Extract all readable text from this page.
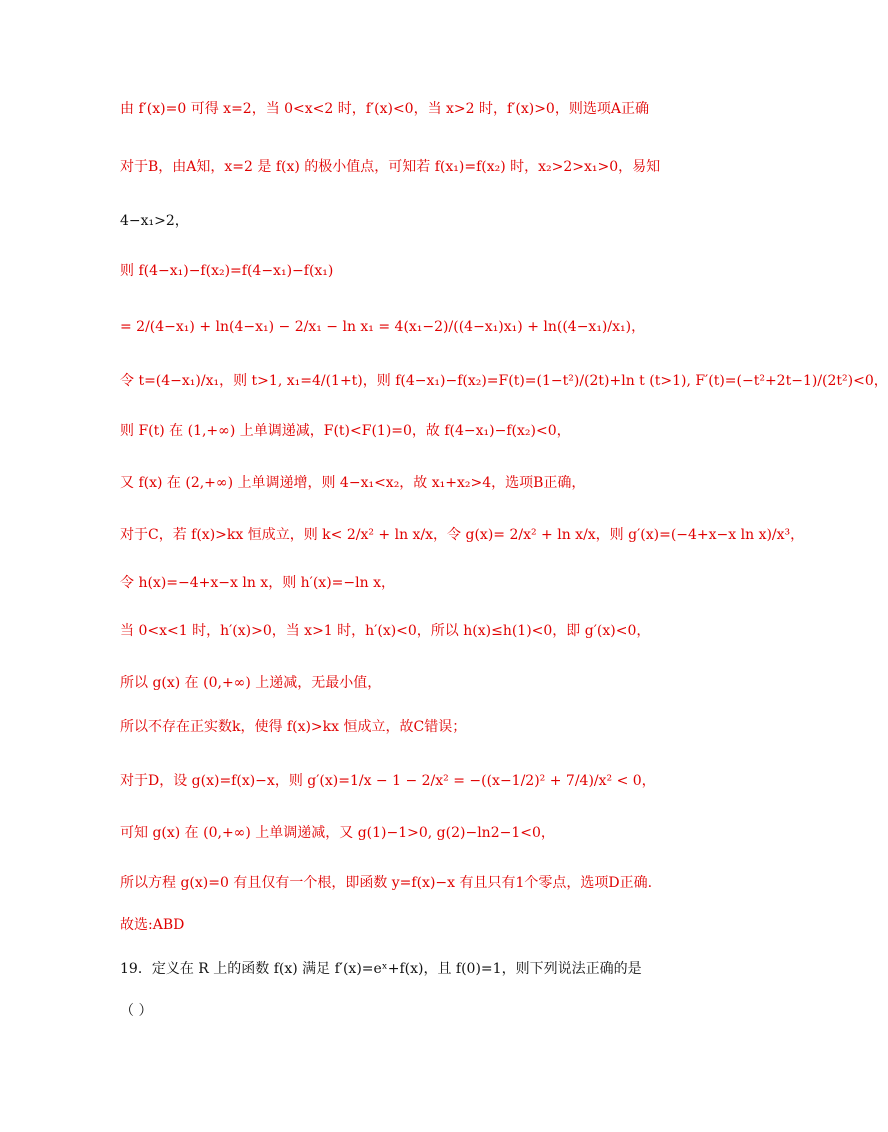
由 f′(x)=0 可得 x=2，当 0<x<2 时，f′(x)<0，当 x>2 时，f′(x)>0，则选项A正确
对于B，由A知，x=2 是 f(x) 的极小值点，可知若 f(x₁)=f(x₂) 时，x₂>2>x₁>0，易知
4−x₁>2，
则 f(4−x₁)−f(x₂)=f(4−x₁)−f(x₁)
= 2/(4−x₁) + ln(4−x₁) − 2/x₁ − ln x₁ = 4(x₁−2)/((4−x₁)x₁) + ln((4−x₁)/x₁)，
令 t=(4−x₁)/x₁，则 t>1, x₁=4/(1+t)，则 f(4−x₁)−f(x₂)=F(t)=(1−t²)/(2t)+ln t (t>1), F′(t)=(−t²+2t−1)/(2t²)<0，
则 F(t) 在 (1,+∞) 上单调递减，F(t)<F(1)=0，故 f(4−x₁)−f(x₂)<0，
又 f(x) 在 (2,+∞) 上单调递增，则 4−x₁<x₂，故 x₁+x₂>4，选项B正确，
对于C，若 f(x)>kx 恒成立，则 k< 2/x² + ln x/x，令 g(x)= 2/x² + ln x/x，则 g′(x)=(−4+x−x ln x)/x³，
令 h(x)=−4+x−x ln x，则 h′(x)=−ln x，
当 0<x<1 时，h′(x)>0，当 x>1 时，h′(x)<0，所以 h(x)≤h(1)<0，即 g′(x)<0，
所以 g(x) 在 (0,+∞) 上递减，无最小值，
所以不存在正实数k，使得 f(x)>kx 恒成立，故C错误；
对于D，设 g(x)=f(x)−x，则 g′(x)=1/x − 1 − 2/x² = −((x−1/2)² + 7/4)/x² < 0，
可知 g(x) 在 (0,+∞) 上单调递减，又 g(1)−1>0, g(2)−ln2−1<0，
所以方程 g(x)=0 有且仅有一个根，即函数 y=f(x)−x 有且只有1个零点，选项D正确.
故选:ABD
19．定义在 R 上的函数 f(x) 满足 f′(x)=eˣ+f(x)，且 f(0)=1，则下列说法正确的是
（ ）
